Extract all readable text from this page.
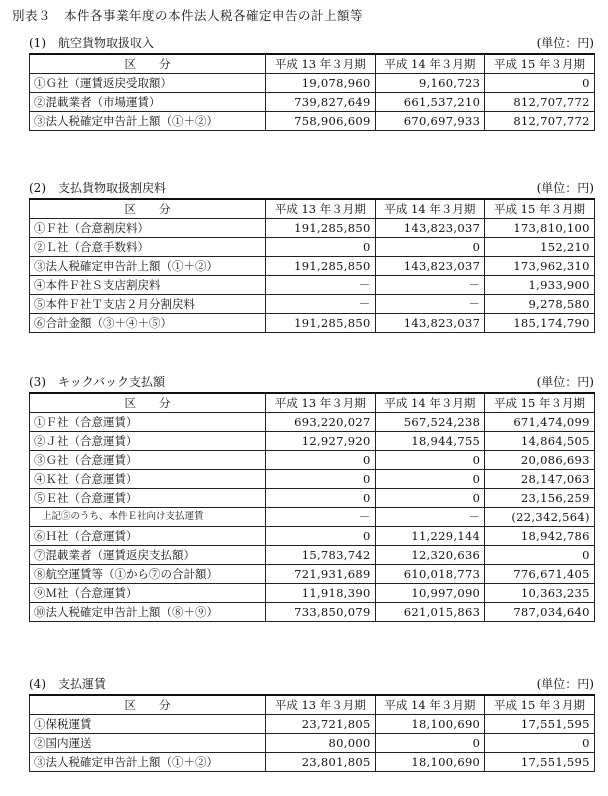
別表３　本件各事業年度の本件法人税各確定申告の計上額等
(1)　航空貨物取扱収入	(単位：円)
区　　分	平成 13 年３月期	平成 14 年３月期	平成 15 年３月期
①Ｇ社（運賃返戻受取額）	19,078,960	9,160,723	0
②混載業者（市場運賃）	739,827,649	661,537,210	812,707,772
③法人税確定申告計上額（①＋②）	758,906,609	670,697,933	812,707,772
(2)　支払貨物取扱割戻料	(単位：円)
区　　分	平成 13 年３月期	平成 14 年３月期	平成 15 年３月期
①Ｆ社（合意割戻料）	191,285,850	143,823,037	173,810,100
②Ｌ社（合意手数料）	0	0	152,210
③法人税確定申告計上額（①＋②）	191,285,850	143,823,037	173,962,310
④本件Ｆ社Ｓ支店割戻料	－	－	1,933,900
⑤本件Ｆ社Ｔ支店２月分割戻料	－	－	9,278,580
⑥合計金額（③＋④＋⑤）	191,285,850	143,823,037	185,174,790
(3)　キックバック支払額	(単位：円)
区　　分	平成 13 年３月期	平成 14 年３月期	平成 15 年３月期
①Ｆ社（合意運賃）	693,220,027	567,524,238	671,474,099
②Ｊ社（合意運賃）	12,927,920	18,944,755	14,864,505
③Ｇ社（合意運賃）	0	0	20,086,693
④Ｋ社（合意運賃）	0	0	28,147,063
⑤Ｅ社（合意運賃）	0	0	23,156,259
上記⑤のうち、本件Ｅ社向け支払運賃	－	－	(22,342,564)
⑥Ｈ社（合意運賃）	0	11,229,144	18,942,786
⑦混載業者（運賃返戻支払額）	15,783,742	12,320,636	0
⑧航空運賃等（①から⑦の合計額）	721,931,689	610,018,773	776,671,405
⑨Ｍ社（合意運賃）	11,918,390	10,997,090	10,363,235
⑩法人税確定申告計上額（⑧＋⑨）	733,850,079	621,015,863	787,034,640
(4)　支払運賃	(単位：円)
区　　分	平成 13 年３月期	平成 14 年３月期	平成 15 年３月期
①保税運賃	23,721,805	18,100,690	17,551,595
②国内運送	80,000	0	0
③法人税確定申告計上額（①＋②）	23,801,805	18,100,690	17,551,595
